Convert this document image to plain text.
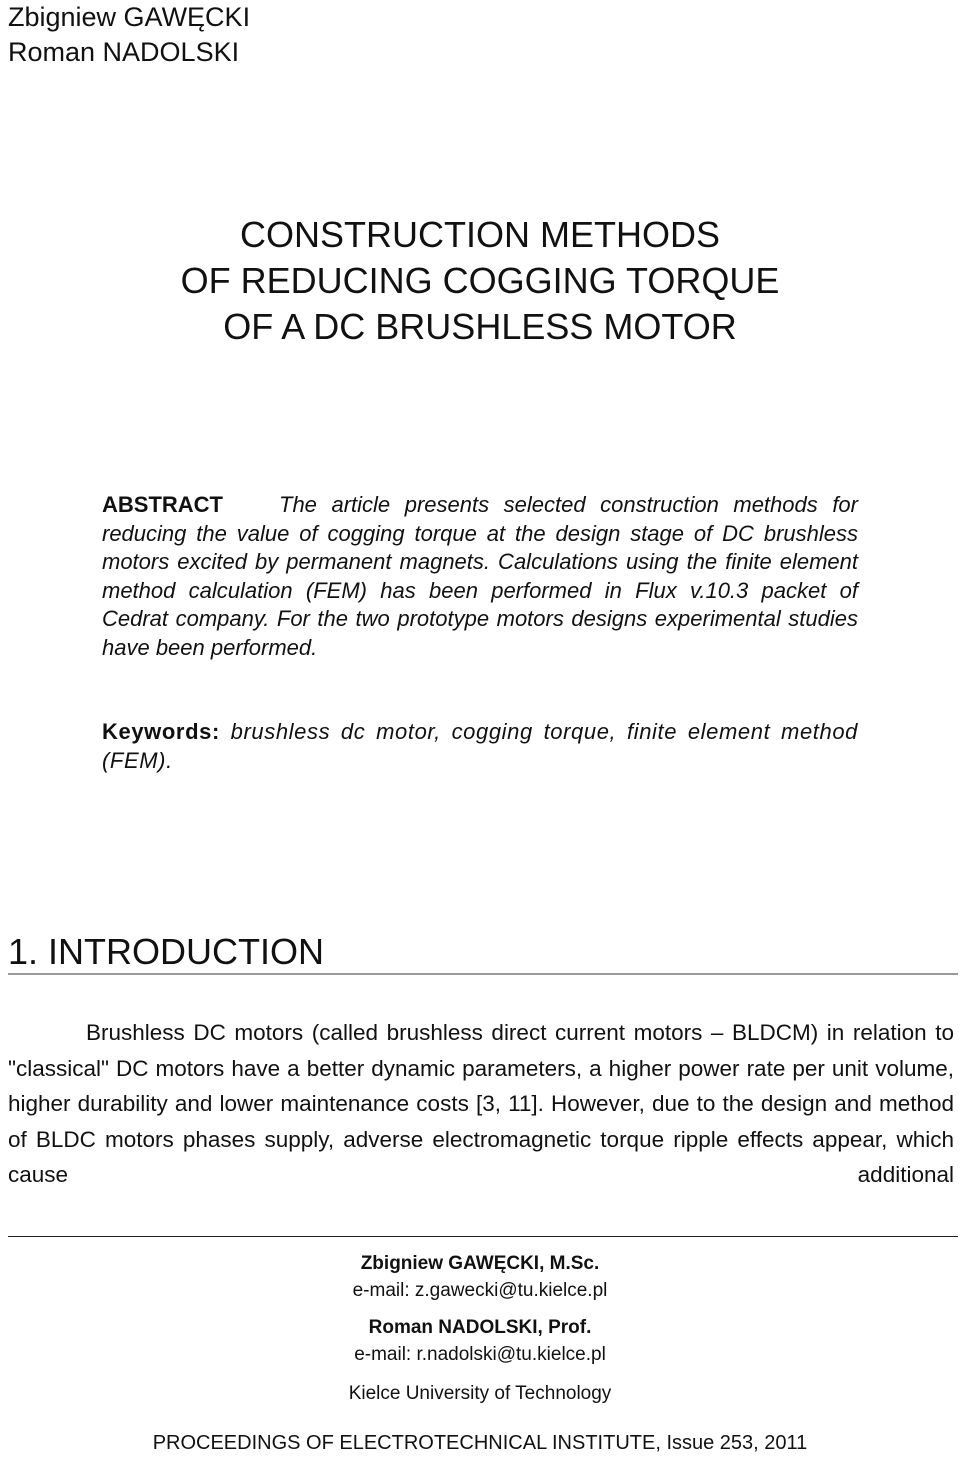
Zbigniew GAWĘCKI
Roman NADOLSKI
CONSTRUCTION METHODS
OF REDUCING COGGING TORQUE
OF A DC BRUSHLESS MOTOR
ABSTRACT	The article presents selected construction methods for reducing the value of cogging torque at the design stage of DC brushless motors excited by permanent magnets. Calculations using the finite element method calculation (FEM) has been performed in Flux v.10.3 packet of Cedrat company. For the two prototype motors designs experimental studies have been performed.
Keywords: brushless dc motor, cogging torque, finite element method (FEM).
1. INTRODUCTION
Brushless DC motors (called brushless direct current motors – BLDCM) in relation to "classical" DC motors have a better dynamic parameters, a higher power rate per unit volume, higher durability and lower maintenance costs [3, 11]. However, due to the design and method of BLDC motors phases supply, adverse electromagnetic torque ripple effects appear, which cause additional
Zbigniew GAWĘCKI, M.Sc.
e-mail: z.gawecki@tu.kielce.pl
Roman NADOLSKI, Prof.
e-mail: r.nadolski@tu.kielce.pl
Kielce University of Technology
PROCEEDINGS OF ELECTROTECHNICAL INSTITUTE, Issue 253, 2011
